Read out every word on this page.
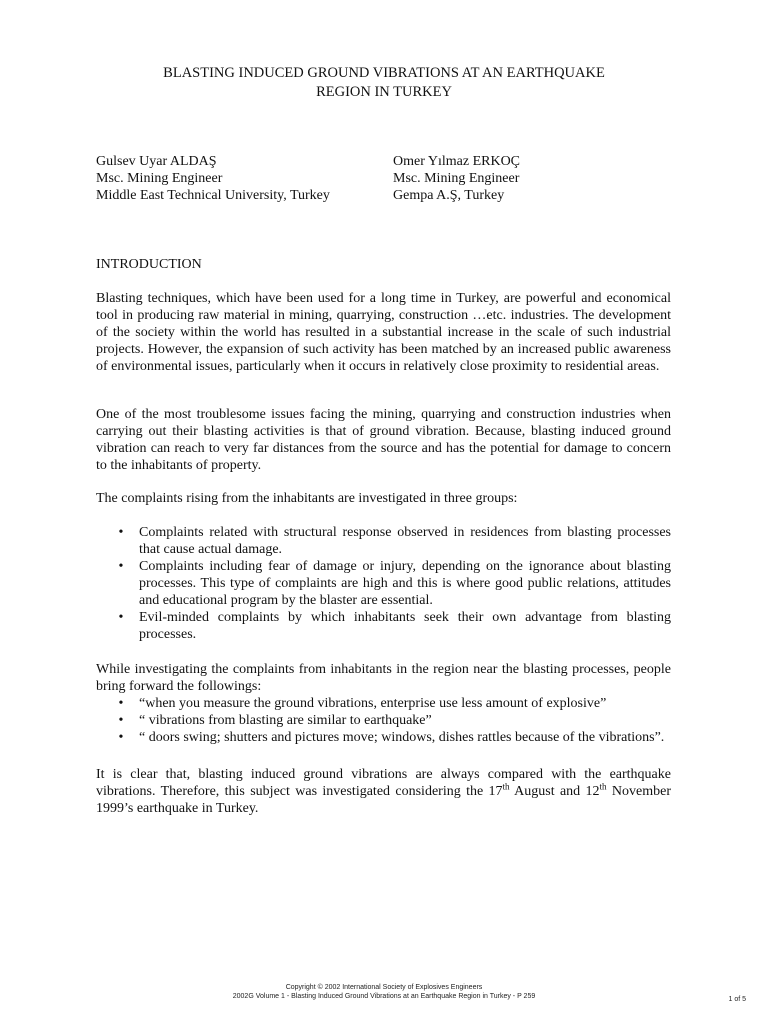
BLASTING INDUCED GROUND VIBRATIONS AT AN EARTHQUAKE
REGION IN TURKEY
Gulsev Uyar ALDAŞ
Msc. Mining Engineer
Middle East Technical University, Turkey
Omer Yılmaz ERKOÇ
Msc. Mining Engineer
Gempa A.Ş, Turkey
INTRODUCTION

Blasting techniques, which have been used for a long time in Turkey, are powerful and economical tool in producing raw material in mining, quarrying, construction …etc. industries. The development of the society within the world has resulted in a substantial increase in the scale of such industrial projects. However, the expansion of such activity has been matched by an increased public awareness of environmental issues, particularly when it occurs in relatively close proximity to residential areas.

One of the most troublesome issues facing the mining, quarrying and construction industries when carrying out their blasting activities is that of ground vibration. Because, blasting induced ground vibration can reach to very far distances from the source and has the potential for damage to concern to the inhabitants of property.

The complaints rising from the inhabitants are investigated in three groups:

• Complaints related with structural response observed in residences from blasting processes that cause actual damage.
• Complaints including fear of damage or injury, depending on the ignorance about blasting processes. This type of complaints are high and this is where good public relations, attitudes and educational program by the blaster are essential.
• Evil-minded complaints by which inhabitants seek their own advantage from blasting processes.

While investigating the complaints from inhabitants in the region near the blasting processes, people bring forward the followings:

• “when you measure the ground vibrations, enterprise use less amount of explosive”
• “ vibrations from blasting are similar to earthquake”
• “ doors swing; shutters and pictures move; windows, dishes rattles because of the vibrations”.

It is clear that, blasting induced ground vibrations are always compared with the earthquake vibrations. Therefore, this subject was investigated considering the 17th August and 12th November 1999’s earthquake in Turkey.

Copyright © 2002 International Society of Explosives Engineers
2002G Volume 1 - Blasting Induced Ground Vibrations at an Earthquake Region in Turkey - P 259	1 of 5
